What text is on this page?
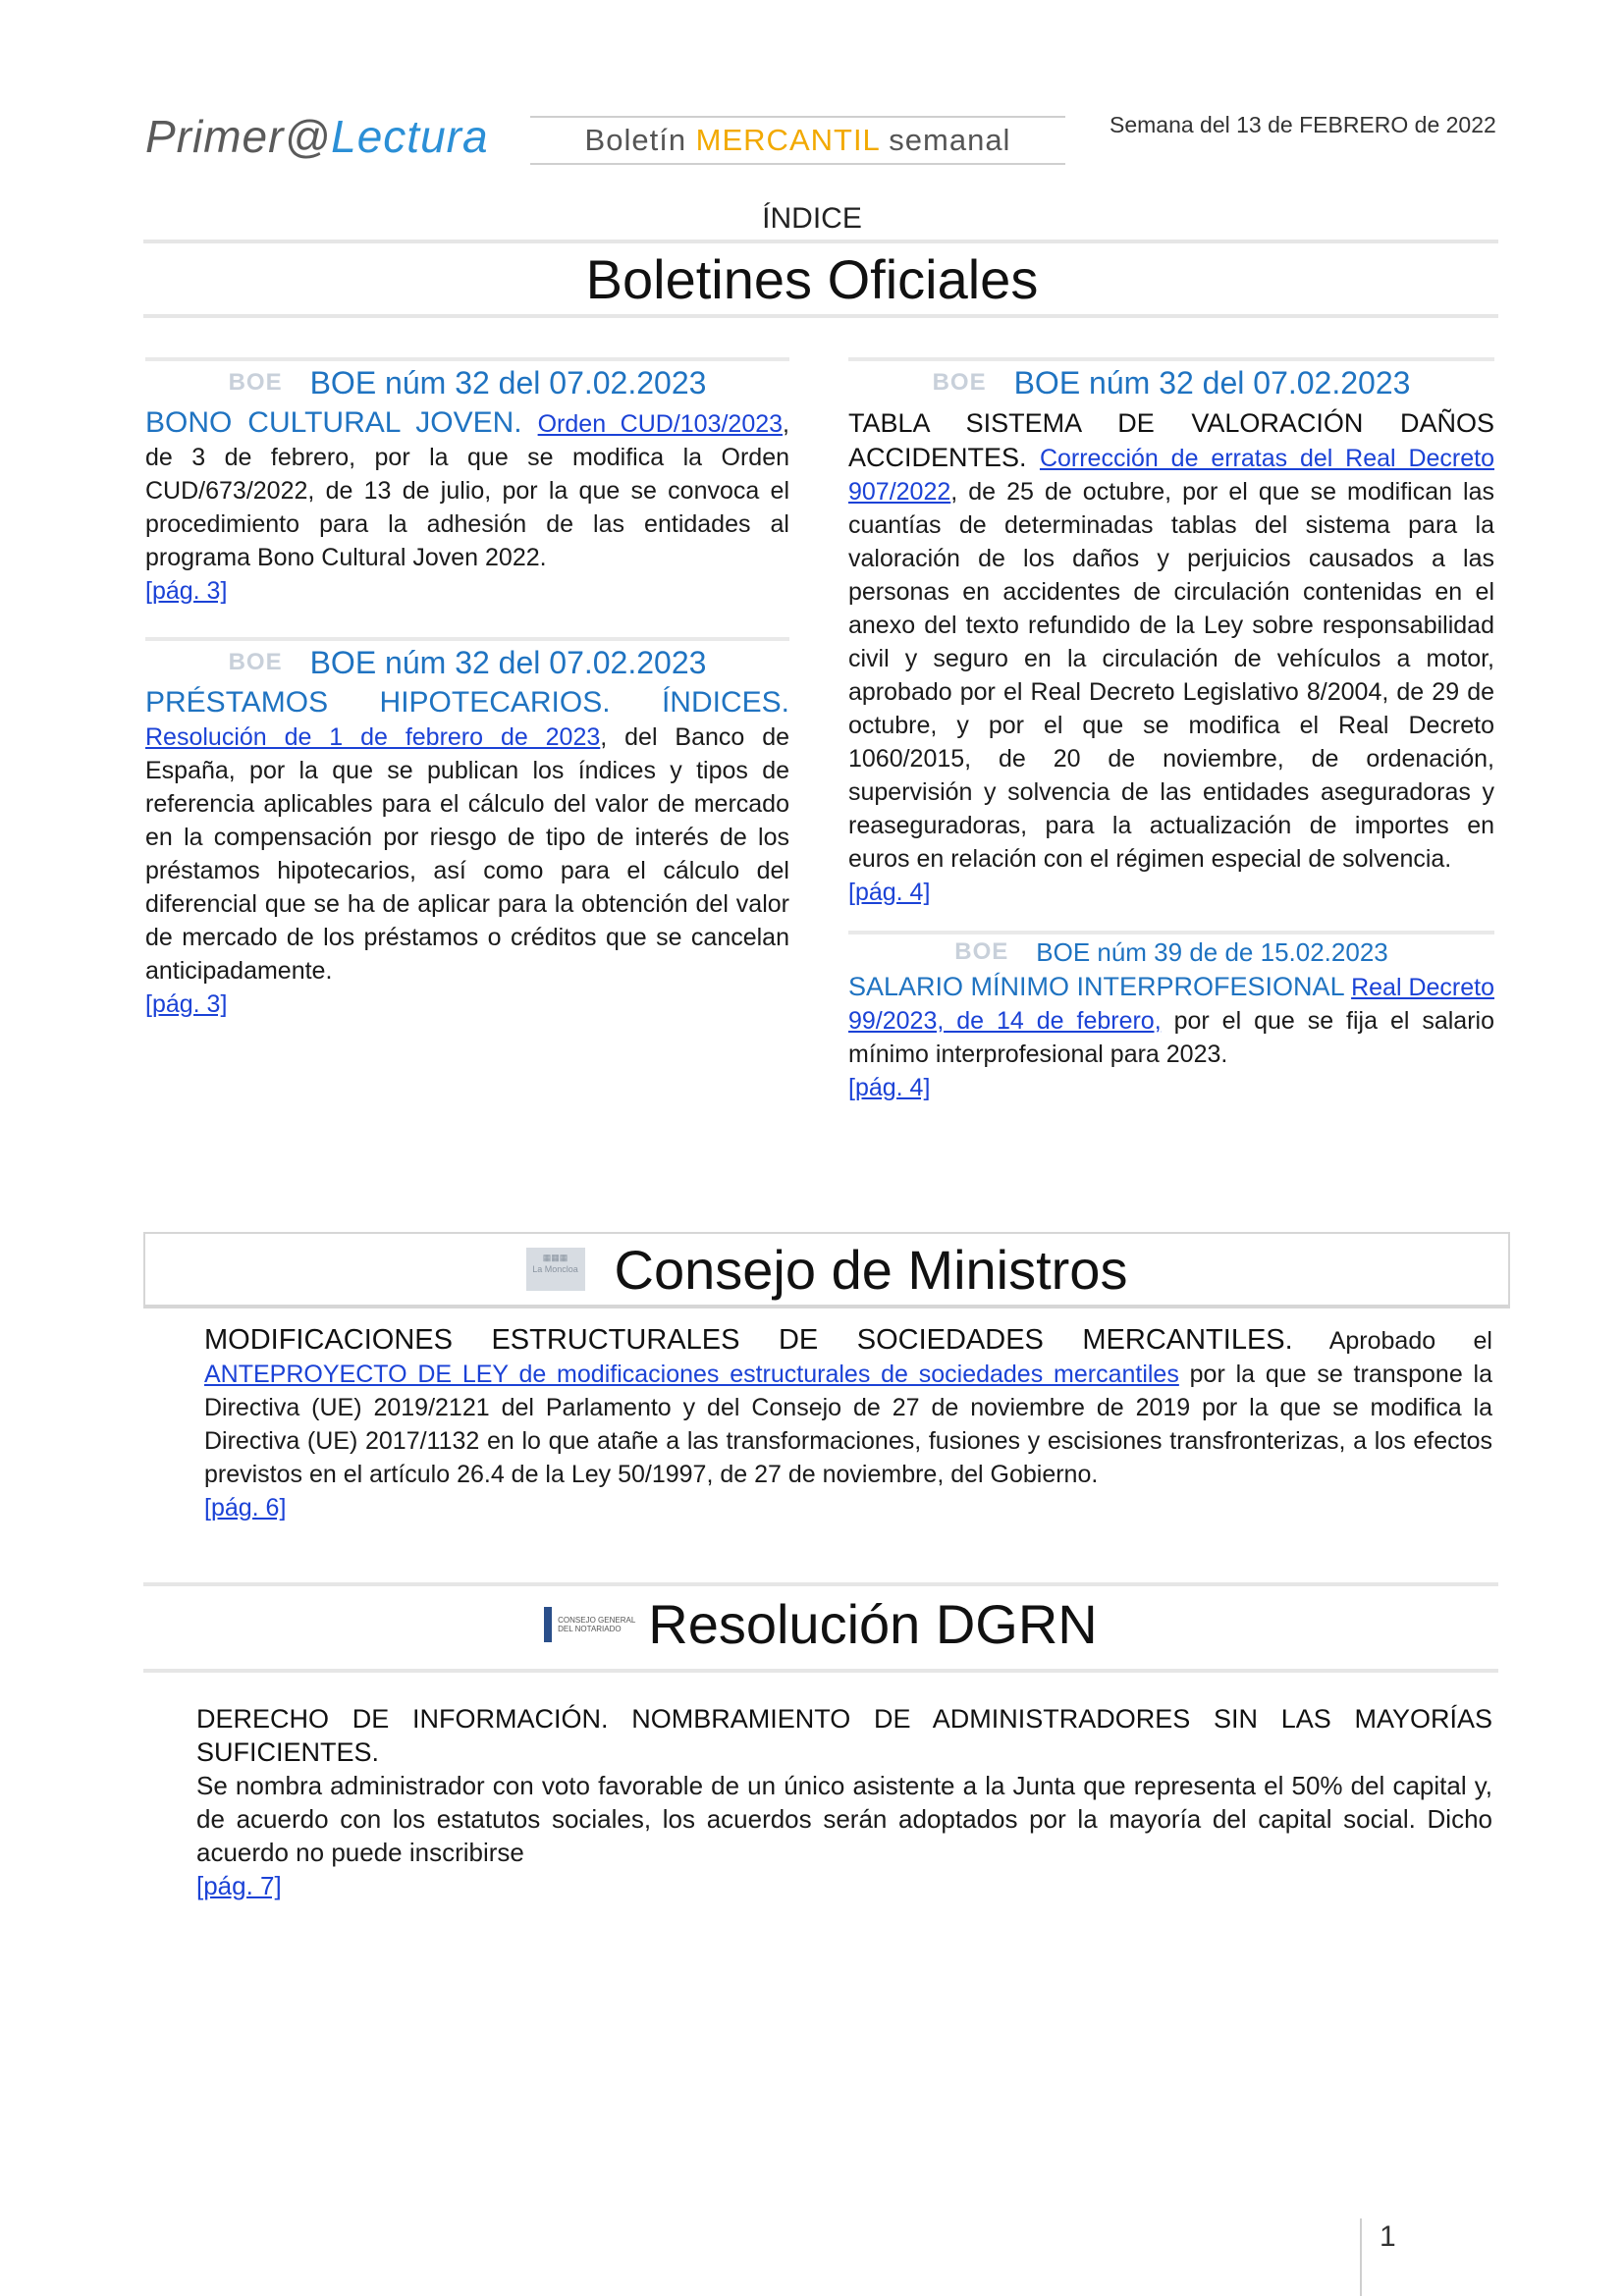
Primer@Lectura	Boletín MERCANTIL semanal	Semana del 13 de FEBRERO de 2022
ÍNDICE
Boletines Oficiales
BOE BOE núm 32 del 07.02.2023
BONO CULTURAL JOVEN. Orden CUD/103/2023, de 3 de febrero, por la que se modifica la Orden CUD/673/2022, de 13 de julio, por la que se convoca el procedimiento para la adhesión de las entidades al programa Bono Cultural Joven 2022.
[pág. 3]
BOE BOE núm 32 del 07.02.2023
PRÉSTAMOS HIPOTECARIOS. ÍNDICES. Resolución de 1 de febrero de 2023, del Banco de España, por la que se publican los índices y tipos de referencia aplicables para el cálculo del valor de mercado en la compensación por riesgo de tipo de interés de los préstamos hipotecarios, así como para el cálculo del diferencial que se ha de aplicar para la obtención del valor de mercado de los préstamos o créditos que se cancelan anticipadamente.
[pág. 3]
BOE BOE núm 32 del 07.02.2023
TABLA SISTEMA DE VALORACIÓN DAÑOS ACCIDENTES. Corrección de erratas del Real Decreto 907/2022, de 25 de octubre, por el que se modifican las cuantías de determinadas tablas del sistema para la valoración de los daños y perjuicios causados a las personas en accidentes de circulación contenidas en el anexo del texto refundido de la Ley sobre responsabilidad civil y seguro en la circulación de vehículos a motor, aprobado por el Real Decreto Legislativo 8/2004, de 29 de octubre, y por el que se modifica el Real Decreto 1060/2015, de 20 de noviembre, de ordenación, supervisión y solvencia de las entidades aseguradoras y reaseguradoras, para la actualización de importes en euros en relación con el régimen especial de solvencia.
[pág. 4]
BOE BOE núm 39 de de 15.02.2023
SALARIO MÍNIMO INTERPROFESIONAL Real Decreto 99/2023, de 14 de febrero, por el que se fija el salario mínimo interprofesional para 2023.
[pág. 4]
▦▦▦
La Moncloa Consejo de Ministros
MODIFICACIONES ESTRUCTURALES DE SOCIEDADES MERCANTILES. Aprobado el ANTEPROYECTO DE LEY de modificaciones estructurales de sociedades mercantiles por la que se transpone la Directiva (UE) 2019/2121 del Parlamento y del Consejo de 27 de noviembre de 2019 por la que se modifica la Directiva (UE) 2017/1132 en lo que atañe a las transformaciones, fusiones y escisiones transfronterizas, a los efectos previstos en el artículo 26.4 de la Ley 50/1997, de 27 de noviembre, del Gobierno.
[pág. 6]
CONSEJO GENERAL DEL NOTARIADO Resolución DGRN
DERECHO DE INFORMACIÓN. NOMBRAMIENTO DE ADMINISTRADORES SIN LAS MAYORÍAS SUFICIENTES.
Se nombra administrador con voto favorable de un único asistente a la Junta que representa el 50% del capital y, de acuerdo con los estatutos sociales, los acuerdos serán adoptados por la mayoría del capital social. Dicho acuerdo no puede inscribirse
[pág. 7]
1
